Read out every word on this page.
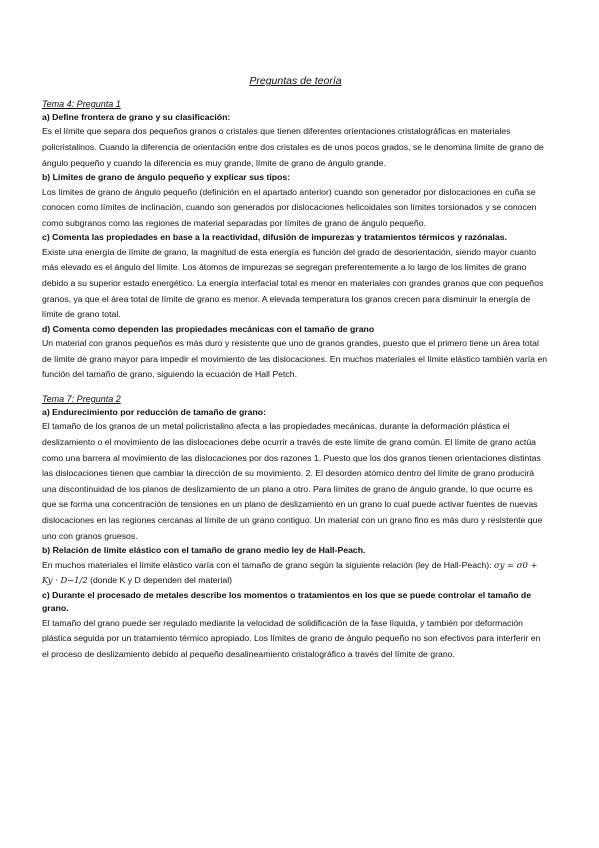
Preguntas de teoría

Tema 4: Pregunta 1

a) Define frontera de grano y su clasificación:

Es el límite que separa dos pequeños granos o cristales que tienen diferentes orientaciones cristalográficas en materiales policristalinos. Cuando la diferencia de orientación entre dos cristales es de unos pocos grados, se le denomina límite de grano de ángulo pequeño y cuando la diferencia es muy grande, límite de grano de ángulo grande.

b) Límites de grano de ángulo pequeño y explicar sus tipos:

Los límites de grano de ángulo pequeño (definición en el apartado anterior) cuando son generador por dislocaciones en cuña se conocen como límites de inclinación, cuando son generados por dislocaciones helicoidales son límites torsionados y se conocen como subgranos como las regiones de material separadas por límites de grano de ángulo pequeño.

c) Comenta las propiedades en base a la reactividad, difusión de impurezas y tratamientos térmicos y razónalas.

Existe una energía de límite de grano, la magnitud de esta energía es función del grado de desorientación, siendo mayor cuanto más elevado es el ángulo del límite. Los átomos de impurezas se segregan preferentemente a lo largo de los límites de grano debido a su superior estado energético. La energía interfacial total es menor en materiales con grandes granos que con pequeños granos, ya que el área total de límite de grano es menor. A elevada temperatura los granos crecen para disminuir la energía de límite de grano total.

d) Comenta como dependen las propiedades mecánicas con el tamaño de grano

Un material con granos pequeños es más duro y resistente que uno de granos grandes, puesto que el primero tiene un área total de límite de grano mayor para impedir el movimiento de las dislocaciones. En muchos materiales el límite elástico también varía en función del tamaño de grano, siguiendo la ecuación de Hall Petch.

Tema 7: Pregunta 2

a) Endurecimiento por reducción de tamaño de grano:

El tamaño de los granos de un metal policristalino afecta a las propiedades mecánicas, durante la deformación plástica el deslizamiento o el movimiento de las dislocaciones debe ocurrir a través de este límite de grano común. El límite de grano actúa como una barrera al movimiento de las dislocaciones por dos razones 1. Puesto que los dos granos tienen orientaciones distintas las dislocaciones tienen que cambiar la dirección de su movimiento. 2. El desorden atómico dentro del límite de grano producirá una discontinuidad de los planos de deslizamiento de un plano a otro. Para límites de grano de ángulo grande, lo que ocurre es que se forma una concentración de tensiones en un plano de deslizamiento en un grano lo cual puede activar fuentes de nuevas dislocaciones en las regiones cercanas al límite de un grano contiguo. Un material con un grano fino es más duro y resistente que uno con granos gruesos.

b) Relación de límite elástico con el tamaño de grano medio ley de Hall-Peach.

En muchos materiales el límite elástico varía con el tamaño de grano según la siguiente relación (ley de Hall-Peach): σy = σ0 + Ky · D−1/2 (donde K y D dependen del material)

c) Durante el procesado de metales describe los momentos o tratamientos en los que se puede controlar el tamaño de grano.

El tamaño del grano puede ser regulado mediante la velocidad de solidificación de la fase líquida, y también por deformación plástica seguida por un tratamiento térmico apropiado. Los límites de grano de ángulo pequeño no son efectivos para interferir en el proceso de deslizamiento debido al pequeño desalineamiento cristalográfico a través del límite de grano.
